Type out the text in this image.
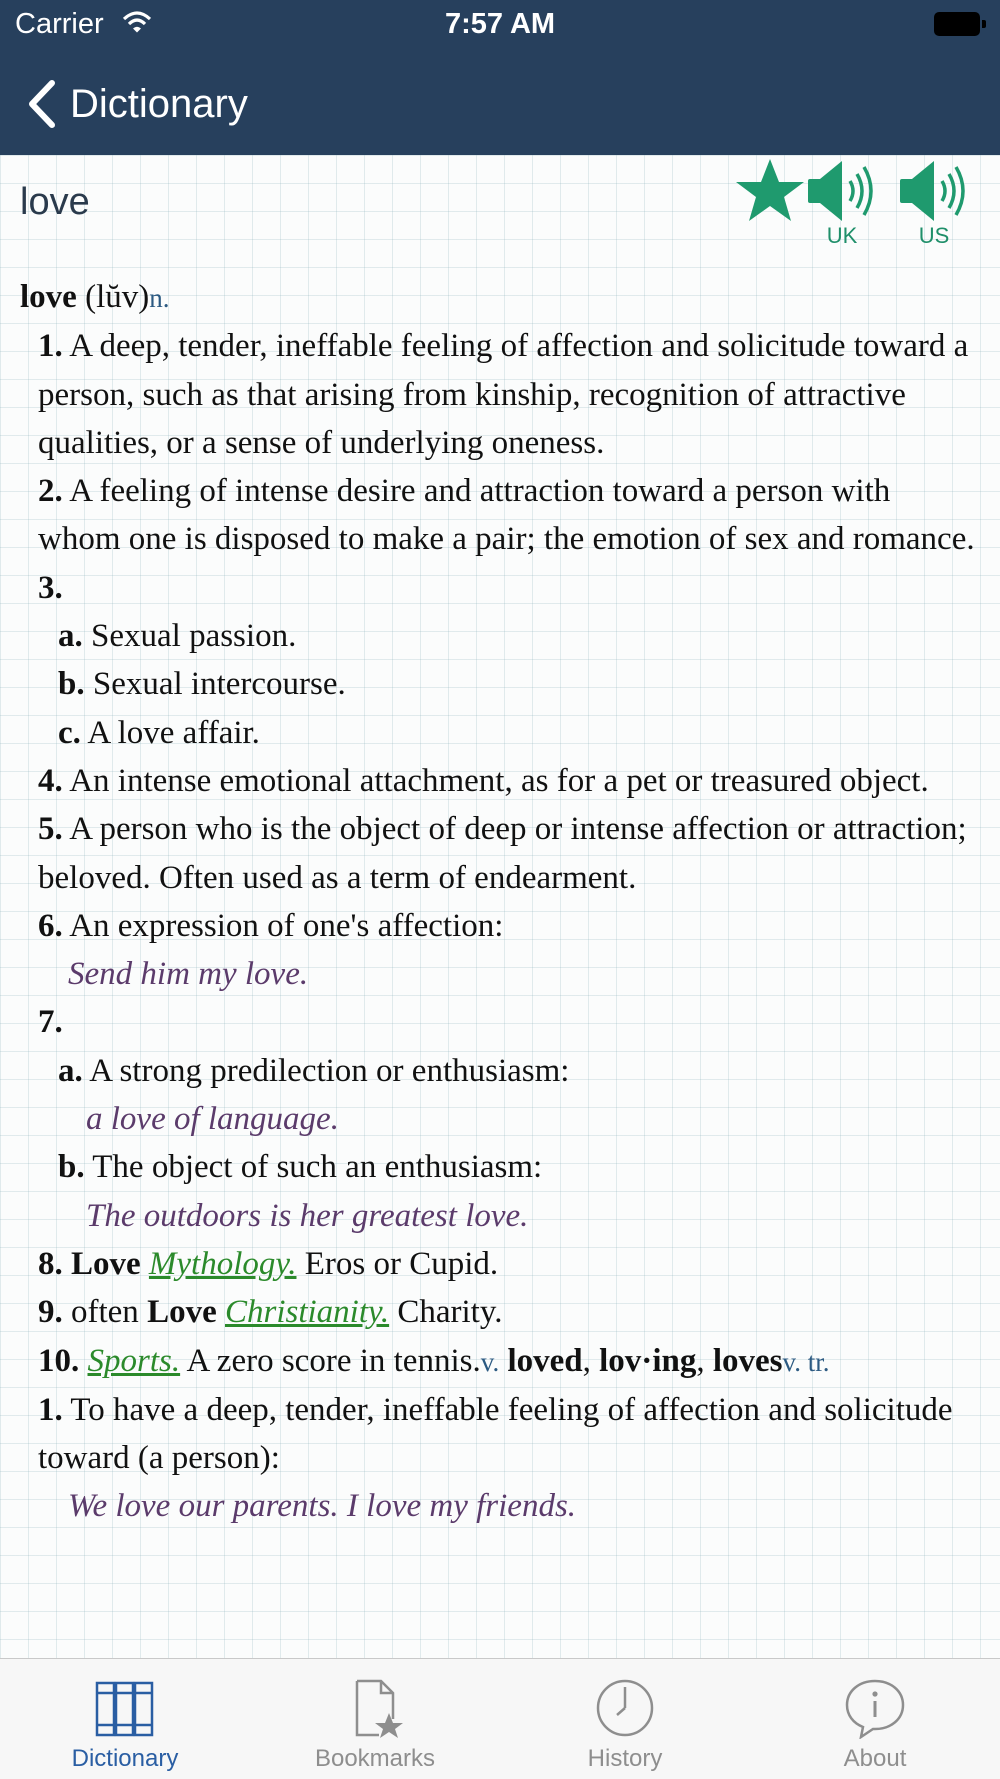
Carrier	7:57 AM
Dictionary
love
UK	US

love (lŭv)n.

1. A deep, tender, ineffable feeling of affection and solicitude toward a person, such as that arising from kinship, recognition of attractive qualities, or a sense of underlying oneness.

2. A feeling of intense desire and attraction toward a person with whom one is disposed to make a pair; the emotion of sex and romance.

3.

a. Sexual passion.

b. Sexual intercourse.

c. A love affair.

4. An intense emotional attachment, as for a pet or treasured object.

5. A person who is the object of deep or intense affection or attraction; beloved. Often used as a term of endearment.

6. An expression of one's affection:

Send him my love.

7.

a. A strong predilection or enthusiasm:

a love of language.

b. The object of such an enthusiasm:

The outdoors is her greatest love.

8. Love Mythology. Eros or Cupid.

9. often Love Christianity. Charity.

10. Sports. A zero score in tennis.v. loved, lov·ing, lovesv. tr.

1. To have a deep, tender, ineffable feeling of affection and solicitude toward (a person):

We love our parents. I love my friends.

Dictionary	Bookmarks	History	About
